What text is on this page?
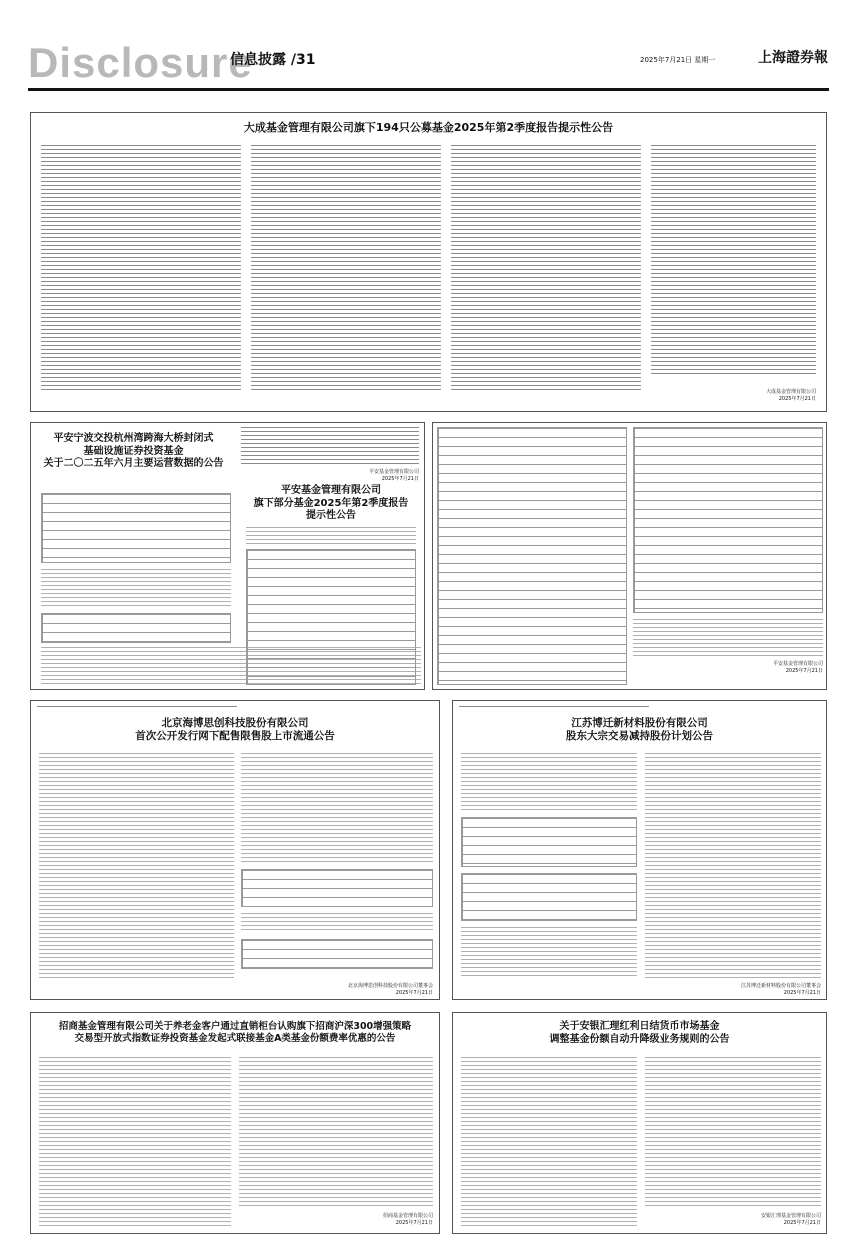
Disclosure
信息披露 /31	2025年7月21日 星期一	上海證券報
大成基金管理有限公司旗下194只公募基金2025年第2季度报告提示性公告
大成基金管理有限公司
2025年7月21日
平安宁波交投杭州湾跨海大桥封闭式
基础设施证券投资基金
关于二〇二五年六月主要运营数据的公告
平安基金管理有限公司
2025年7月21日
平安基金管理有限公司
旗下部分基金2025年第2季度报告
提示性公告
平安基金管理有限公司
2025年7月21日
北京海博思创科技股份有限公司
首次公开发行网下配售限售股上市流通公告
北京海博思创科技股份有限公司董事会
2025年7月21日
江苏博迁新材料股份有限公司
股东大宗交易减持股份计划公告
江苏博迁新材料股份有限公司董事会
2025年7月21日
招商基金管理有限公司关于养老金客户通过直销柜台认购旗下招商沪深300增强策略
交易型开放式指数证券投资基金发起式联接基金A类基金份额费率优惠的公告
招商基金管理有限公司
2025年7月21日
关于安银汇理红利日结货币市场基金
调整基金份额自动升降级业务规则的公告
安银汇理基金管理有限公司
2025年7月21日
